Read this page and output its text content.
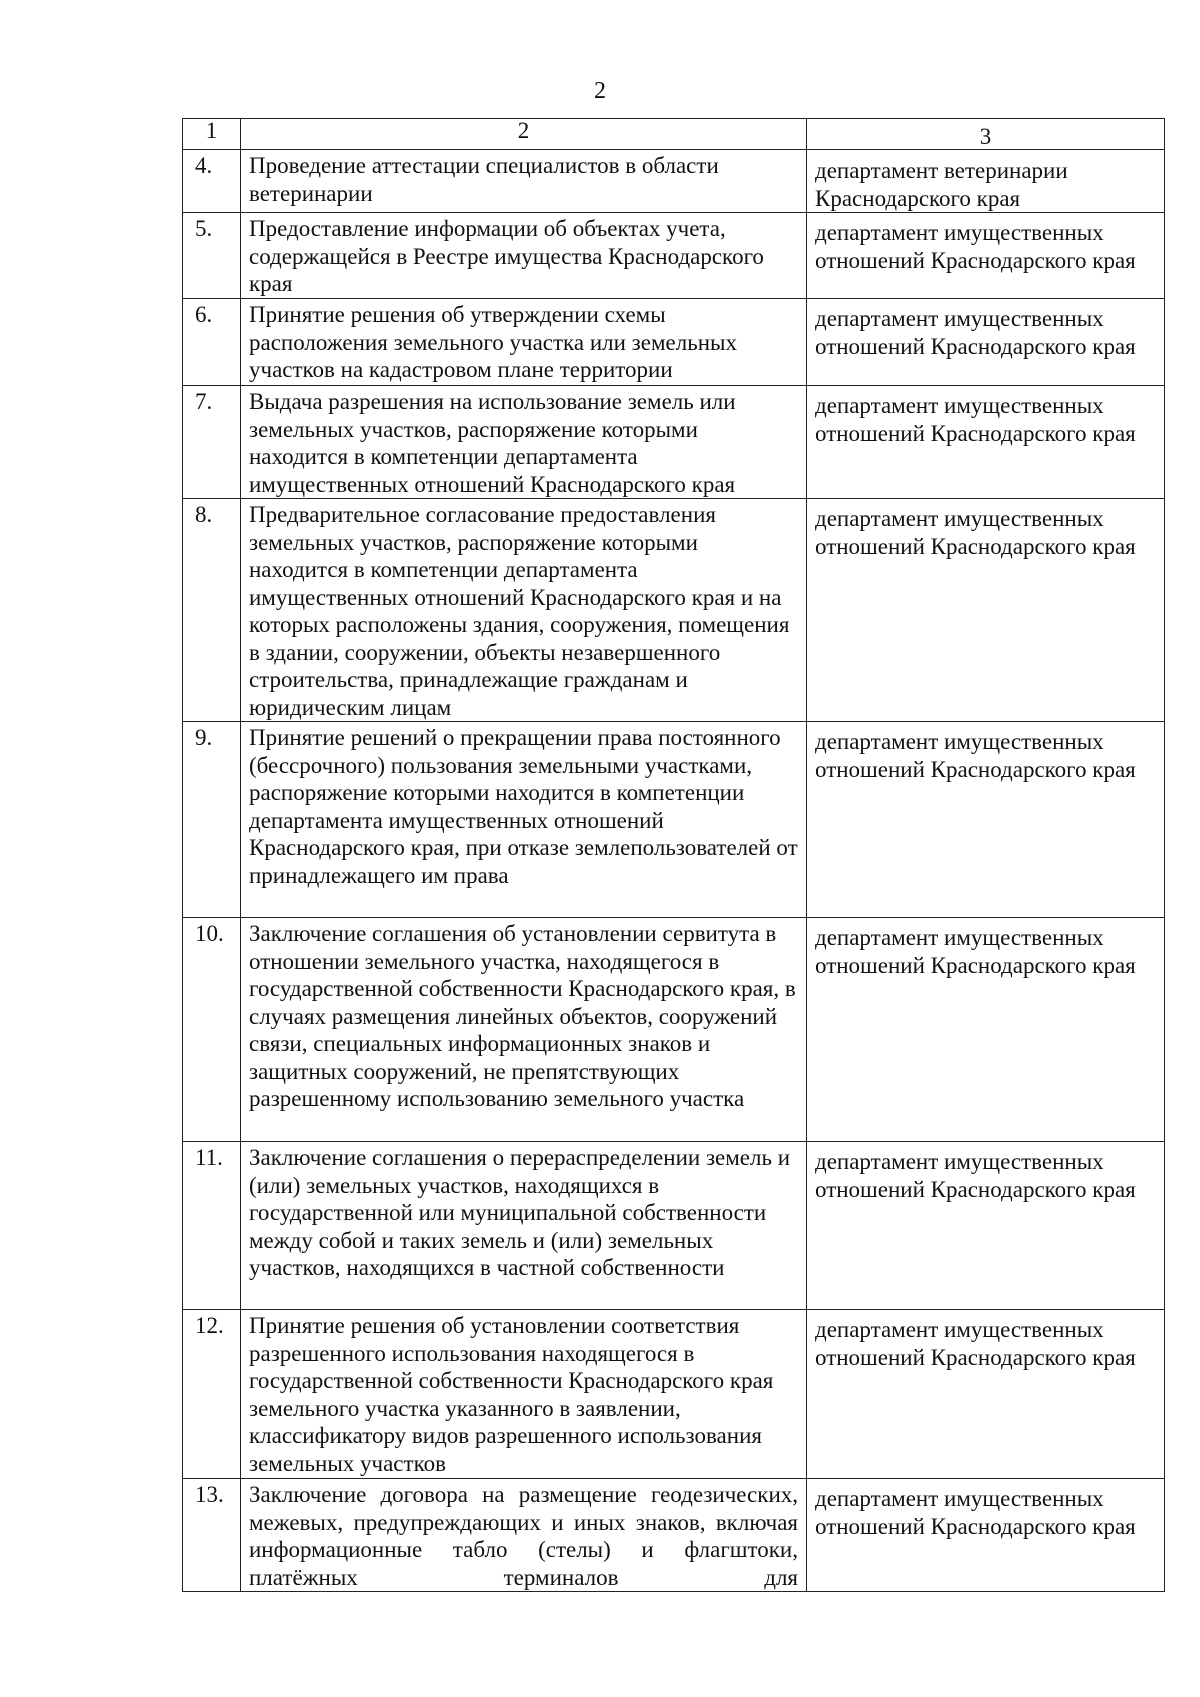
2
1	2	3
4.	Проведение аттестации специалистов в области ветеринарии	департамент ветеринарии Краснодарского края
5.	Предоставление информации об объектах учета, содержащейся в Реестре имущества Краснодарского края	департамент имущественных отношений Краснодарского края
6.	Принятие решения об утверждении схемы расположения земельного участка или земельных участков на кадастровом плане территории	департамент имущественных отношений Краснодарского края
7.	Выдача разрешения на использование земель или земельных участков, распоряжение которыми находится в компетенции департамента имущественных отношений Краснодарского края	департамент имущественных отношений Краснодарского края
8.	Предварительное согласование предоставления земельных участков, распоряжение которыми находится в компетенции департамента имущественных отношений Краснодарского края и на которых расположены здания, сооружения, помещения в здании, сооружении, объекты незавершенного строительства, принадлежащие гражданам и юридическим лицам	департамент имущественных отношений Краснодарского края
9.	Принятие решений о прекращении права постоянного (бессрочного) пользования земельными участками, распоряжение которыми находится в компетенции департамента имущественных отношений Краснодарского края, при отказе землепользователей от принадлежащего им права	департамент имущественных отношений Краснодарского края
10.	Заключение соглашения об установлении сервитута в отношении земельного участка, находящегося в государственной собственности Краснодарского края, в случаях размещения линейных объектов, сооружений связи, специальных информационных знаков и защитных сооружений, не препятствующих разрешенному использованию земельного участка	департамент имущественных отношений Краснодарского края
11.	Заключение соглашения о перераспределении земель и (или) земельных участков, находящихся в государственной или муниципальной собственности между собой и таких земель и (или) земельных участков, находящихся в частной собственности	департамент имущественных отношений Краснодарского края
12.	Принятие решения об установлении соответствия разрешенного использования находящегося в государственной собственности Краснодарского края земельного участка указанного в заявлении, классификатору видов разрешенного использования земельных участков	департамент имущественных отношений Краснодарского края
13.	Заключение договора на размещение геодезических, межевых, предупреждающих и иных знаков, включая информационные табло (стелы) и флагштоки, платёжных терминалов для	департамент имущественных отношений Краснодарского края
